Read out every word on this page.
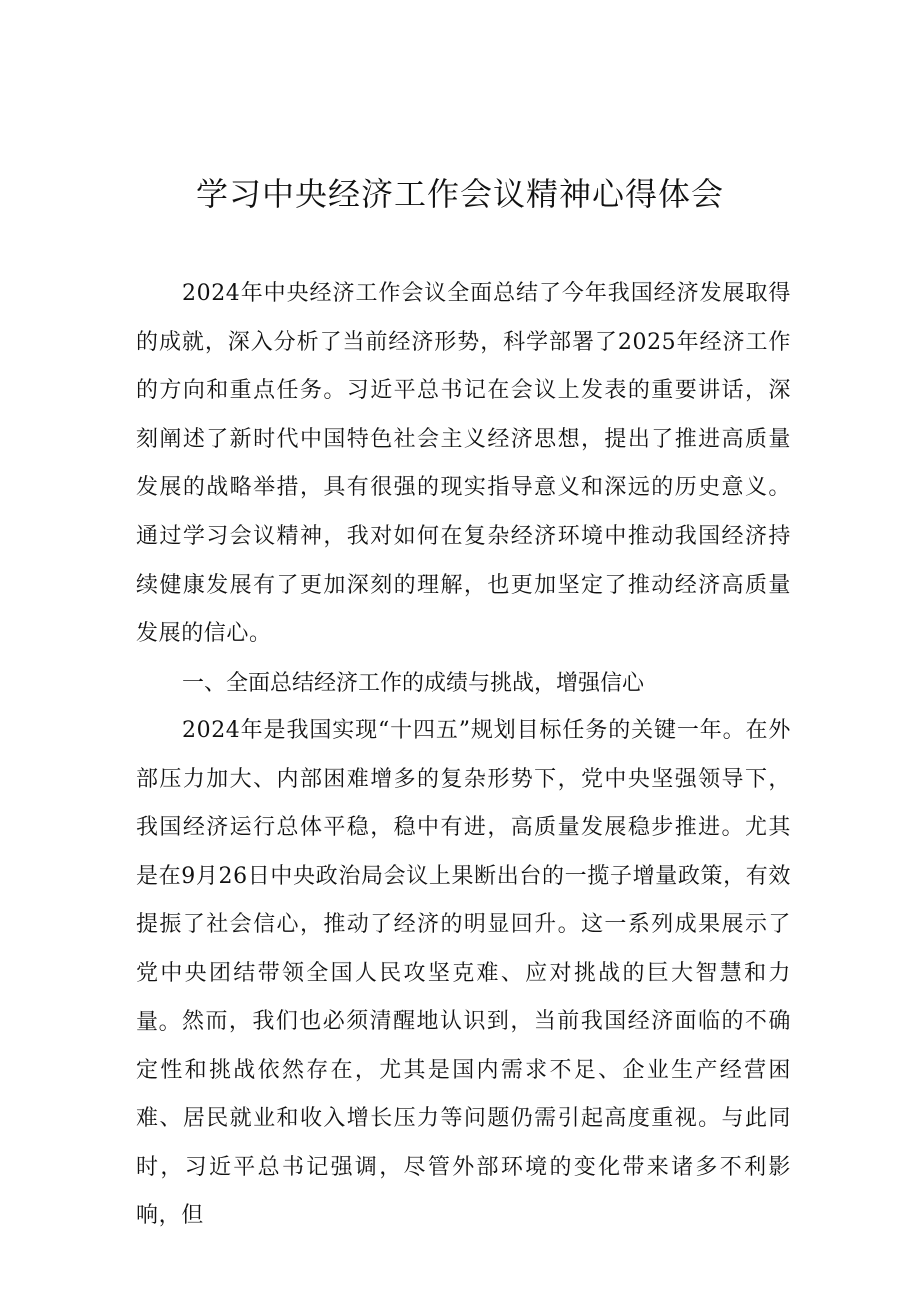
学习中央经济工作会议精神心得体会

2024年中央经济工作会议全面总结了今年我国经济发展取得的成就，深入分析了当前经济形势，科学部署了2025年经济工作的方向和重点任务。习近平总书记在会议上发表的重要讲话，深刻阐述了新时代中国特色社会主义经济思想，提出了推进高质量发展的战略举措，具有很强的现实指导意义和深远的历史意义。通过学习会议精神，我对如何在复杂经济环境中推动我国经济持续健康发展有了更加深刻的理解，也更加坚定了推动经济高质量发展的信心。

一、全面总结经济工作的成绩与挑战，增强信心

2024年是我国实现“十四五”规划目标任务的关键一年。在外部压力加大、内部困难增多的复杂形势下，党中央坚强领导下，我国经济运行总体平稳，稳中有进，高质量发展稳步推进。尤其是在9月26日中央政治局会议上果断出台的一揽子增量政策，有效提振了社会信心，推动了经济的明显回升。这一系列成果展示了党中央团结带领全国人民攻坚克难、应对挑战的巨大智慧和力量。 然而，我们也必须清醒地认识到，当前我国经济面临的不确定性和挑战依然存在，尤其是国内需求不足、企业生产经营困难、居民就业和收入增长压力等问题仍需引起高度重视。与此同时，习近平总书记强调，尽管外部环境的变化带来诸多不利影响，但
